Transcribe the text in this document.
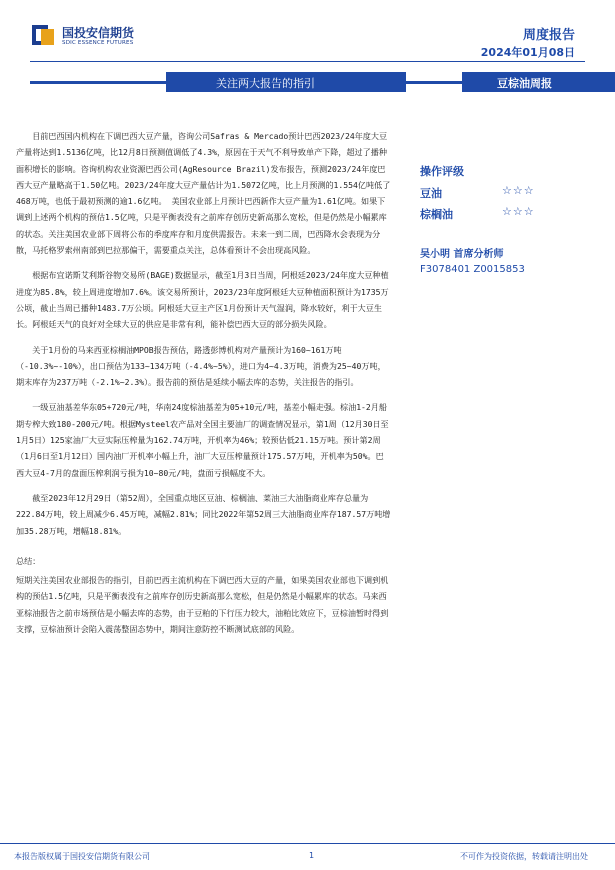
国投安信期货
SDIC ESSENCE FUTURES	周度报告
2024年01月08日
关注两大报告的指引	豆棕油周报

目前巴西国内机构在下调巴西大豆产量，咨询公司Safras & Mercado预计巴西2023/24年度大豆产量将达到1.5136亿吨，比12月8日预测值调低了4.3%，原因在于天气不利导致单产下降，超过了播种面积增长的影响。咨询机构农业资源巴西公司(AgResource Brazil)发布报告，预测2023/24年度巴西大豆产量略高于1.50亿吨。2023/24年度大豆产量估计为1.5072亿吨，比上月预测的1.554亿吨低了468万吨，也低于最初预测的逾1.6亿吨。 美国农业部上月预计巴西新作大豆产量为1.61亿吨。如果下调到上述两个机构的预估1.5亿吨，只是平衡表没有之前库存创历史新高那么宽松，但是仍然是小幅累库的状态。关注美国农业部下周将公布的季度库存和月度供需报告。未来一到二周，巴西降水会表现为分散，马托格罗索州南部到巴拉那偏干，需要重点关注，总体看预计不会出现高风险。

根据布宜诺斯艾利斯谷物交易所(BAGE)数据显示，截至1月3日当周，阿根廷2023/24年度大豆种植进度为85.8%，较上周进度增加7.6%。该交易所预计，2023/23年度阿根廷大豆种植面积预计为1735万公顷，截止当周已播种1483.7万公顷。阿根廷大豆主产区1月份预计天气湿润，降水较好，利于大豆生长。阿根廷天气的良好对全球大豆的供应是非常有利，能补偿巴西大豆的部分损失风险。

关于1月份的马来西亚棕榈油MPOB报告预估，路透彭博机构对产量预计为160~161万吨（-10.3%~-10%），出口预估为133~134万吨（-4.4%~5%），进口为4~4.3万吨，消费为25~40万吨，期末库存为237万吨（-2.1%~2.3%）。报告前的预估是延续小幅去库的态势，关注报告的指引。

一级豆油基差华东05+720元/吨，华南24度棕油基差为05+10元/吨，基差小幅走强。棕油1-2月船期专榨大致180-200元/吨。根据Mysteel农产品对全国主要油厂的调查情况显示，第1周（12月30日至1月5日）125家油厂大豆实际压榨量为162.74万吨，开机率为46%；较预估低21.15万吨。预计第2周（1月6日至1月12日）国内油厂开机率小幅上升，油厂大豆压榨量预计175.57万吨，开机率为50%。巴西大豆4-7月的盘面压榨利润亏损为10~80元/吨，盘面亏损幅度不大。

截至2023年12月29日（第52周），全国重点地区豆油、棕榈油、菜油三大油脂商业库存总量为222.84万吨，较上周减少6.45万吨，减幅2.81%；同比2022年第52周三大油脂商业库存187.57万吨增加35.28万吨，增幅18.81%。

总结：

短期关注美国农业部报告的指引，目前巴西主流机构在下调巴西大豆的产量，如果美国农业部也下调到机构的预估1.5亿吨，只是平衡表没有之前库存创历史新高那么宽松，但是仍然是小幅累库的状态。马来西亚棕油报告之前市场预估是小幅去库的态势，由于豆粕的下行压力较大，油粕比效应下，豆棕油暂时得到支撑，豆棕油预计会陷入震荡整固态势中，期间注意防控不断测试底部的风险。

操作评级
豆油	☆☆☆
棕榈油	☆☆☆
吴小明 首席分析师
F3078401 Z0015853
本报告版权属于国投安信期货有限公司	1	不可作为投资依据，转载请注明出处
